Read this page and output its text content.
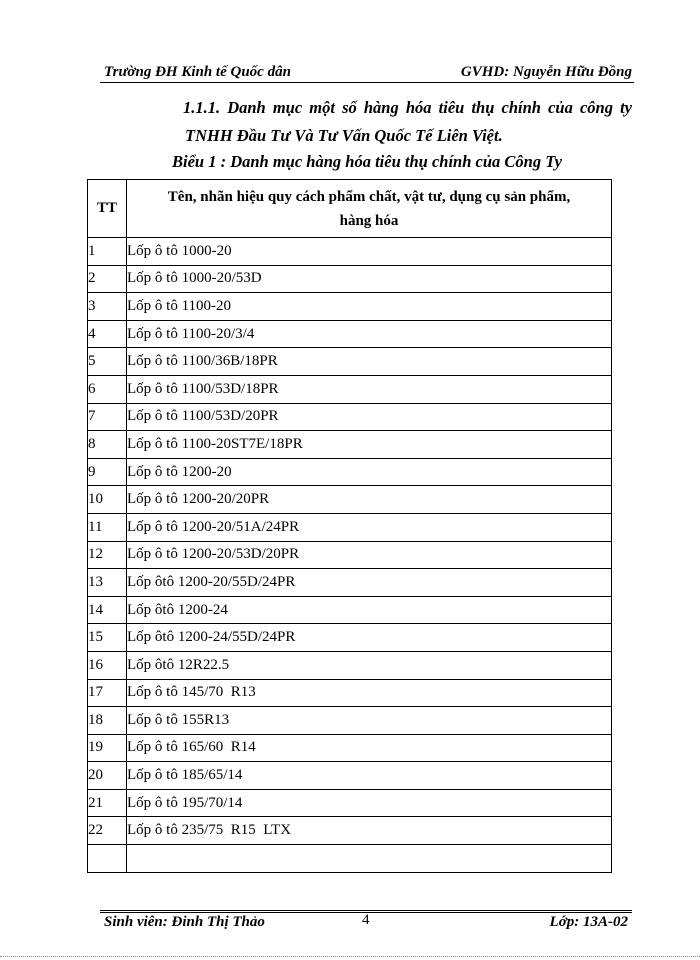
Trường ĐH Kinh tế Quốc dân	GVHD: Nguyễn Hữu Đồng
1.1.1. Danh mục một số hàng hóa tiêu thụ chính của công ty
TNHH Đầu Tư Và Tư Vấn Quốc Tế Liên Việt.
Biểu 1 : Danh mục hàng hóa tiêu thụ chính của Công Ty
TT	Tên, nhãn hiệu quy cách phẩm chất, vật tư, dụng cụ sản phẩm,
hàng hóa
1	Lốp ô tô 1000-20
2	Lốp ô tô 1000-20/53D
3	Lốp ô tô 1100-20
4	Lốp ô tô 1100-20/3/4
5	Lốp ô tô 1100/36B/18PR
6	Lốp ô tô 1100/53D/18PR
7	Lốp ô tô 1100/53D/20PR
8	Lốp ô tô 1100-20ST7E/18PR
9	Lốp ô tô 1200-20
10	Lốp ô tô 1200-20/20PR
11	Lốp ô tô 1200-20/51A/24PR
12	Lốp ô tô 1200-20/53D/20PR
13	Lốp ôtô 1200-20/55D/24PR
14	Lốp ôtô 1200-24
15	Lốp ôtô 1200-24/55D/24PR
16	Lốp ôtô 12R22.5
17	Lốp ô tô 145/70  R13
18	Lốp ô tô 155R13
19	Lốp ô tô 165/60  R14
20	Lốp ô tô 185/65/14
21	Lốp ô tô 195/70/14
22	Lốp ô tô 235/75  R15  LTX

Sinh viên: Đinh Thị Thảo	4	Lớp: 13A-02
